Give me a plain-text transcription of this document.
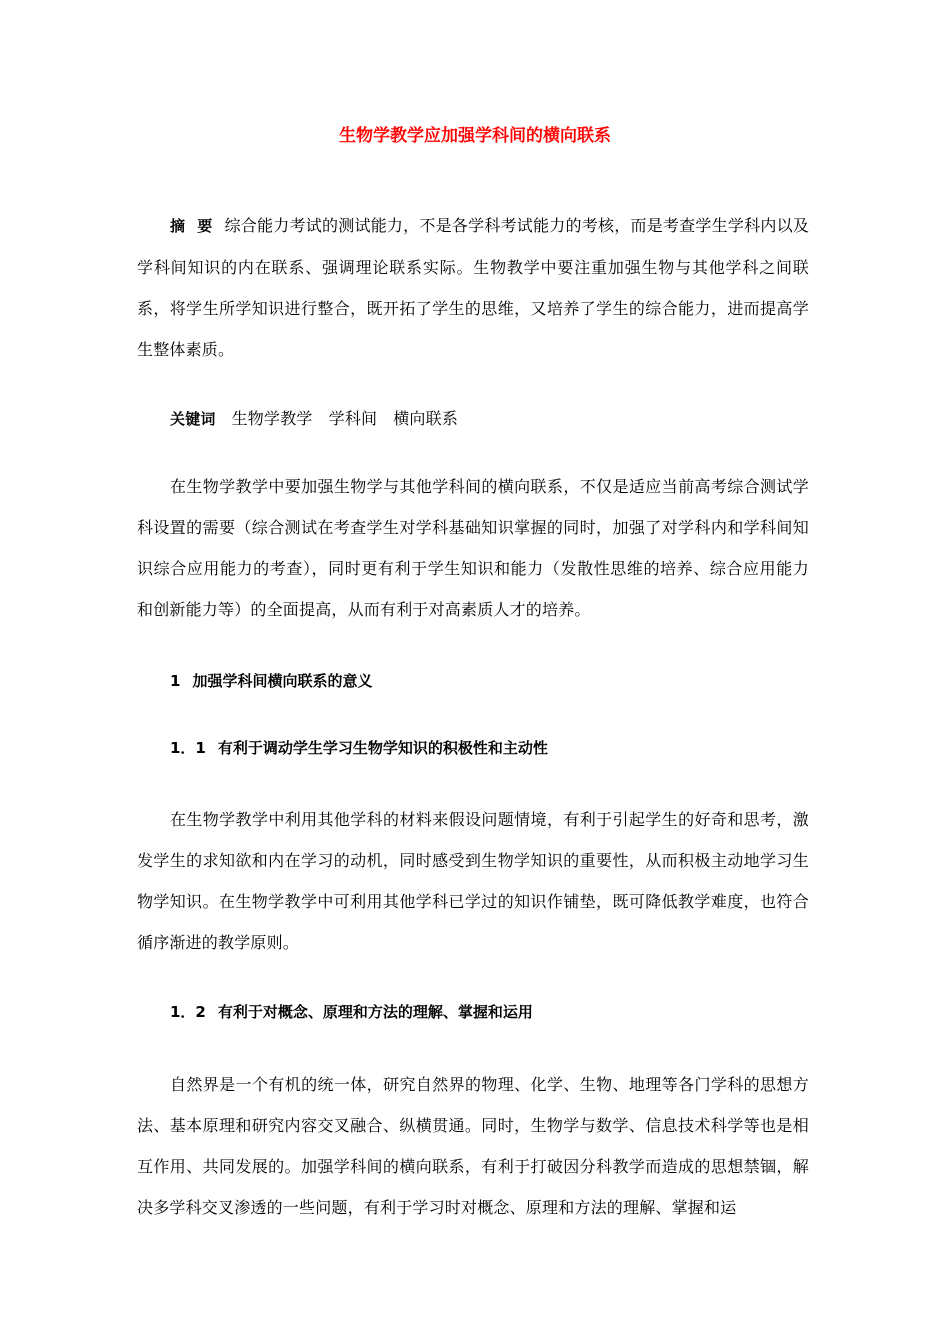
生物学教学应加强学科间的横向联系
摘 要 综合能力考试的测试能力，不是各学科考试能力的考核，而是考查学生学科内以及学科间知识的内在联系、强调理论联系实际。生物教学中要注重加强生物与其他学科之间联系，将学生所学知识进行整合，既开拓了学生的思维，又培养了学生的综合能力，进而提高学生整体素质。
关键词 生物学教学 学科间 横向联系
在生物学教学中要加强生物学与其他学科间的横向联系，不仅是适应当前高考综合测试学科设置的需要（综合测试在考查学生对学科基础知识掌握的同时，加强了对学科内和学科间知识综合应用能力的考查），同时更有利于学生知识和能力（发散性思维的培养、综合应用能力和创新能力等）的全面提高，从而有利于对高素质人才的培养。
1 加强学科间横向联系的意义
1．1 有利于调动学生学习生物学知识的积极性和主动性
在生物学教学中利用其他学科的材料来假设问题情境，有利于引起学生的好奇和思考，激发学生的求知欲和内在学习的动机，同时感受到生物学知识的重要性，从而积极主动地学习生物学知识。在生物学教学中可利用其他学科已学过的知识作铺垫，既可降低教学难度，也符合循序渐进的教学原则。
1．2 有利于对概念、原理和方法的理解、掌握和运用
自然界是一个有机的统一体，研究自然界的物理、化学、生物、地理等各门学科的思想方法、基本原理和研究内容交叉融合、纵横贯通。同时，生物学与数学、信息技术科学等也是相互作用、共同发展的。加强学科间的横向联系，有利于打破因分科教学而造成的思想禁锢，解决多学科交叉渗透的一些问题，有利于学习时对概念、原理和方法的理解、掌握和运
